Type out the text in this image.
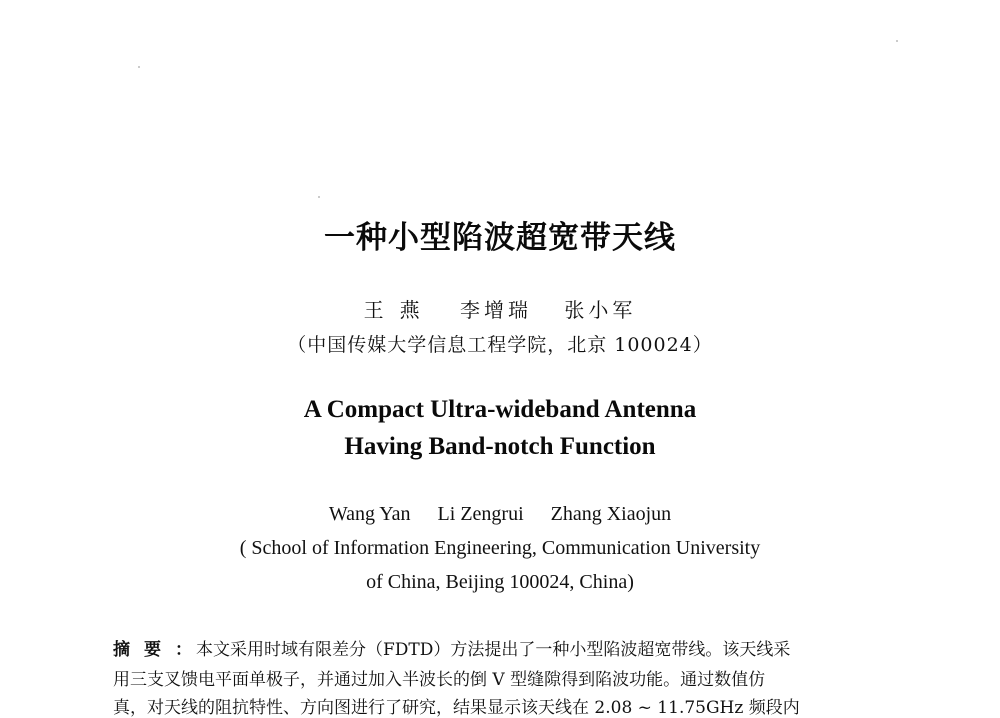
一种小型陷波超宽带天线
王燕 李增瑞 张小军
（中国传媒大学信息工程学院，北京 100024）
A Compact Ultra-wideband Antenna
Having Band-notch Function
Wang Yan Li Zengrui Zhang Xiaojun
( School of Information Engineering, Communication University
of China, Beijing 100024, China)
摘要： 本文采用时域有限差分（FDTD）方法提出了一种小型陷波超宽带线。该天线采
用三支叉馈电平面单极子，并通过加入半波长的倒 V 型缝隙得到陷波功能。通过数值仿
真，对天线的阻抗特性、方向图进行了研究，结果显示该天线在 2.08 ~ 11.75GHz 频段内
